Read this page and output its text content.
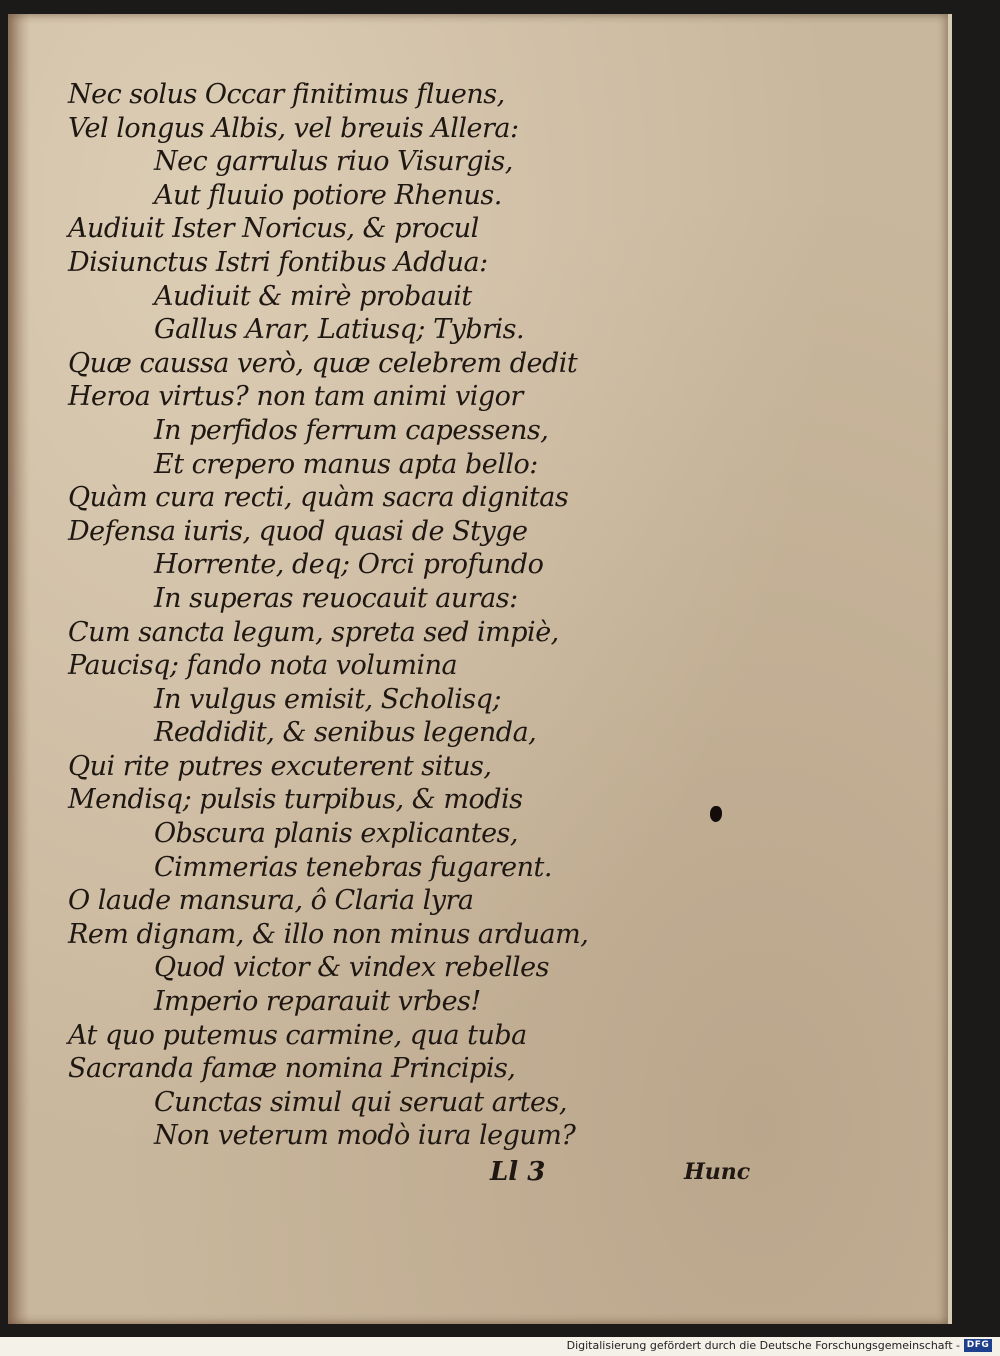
Nec solus Occar finitimus fluens,
Vel longus Albis, vel breuis Allera:
Nec garrulus riuo Visurgis,
Aut fluuio potiore Rhenus.
Audiuit Ister Noricus, & procul
Disiunctus Istri fontibus Addua:
Audiuit & mirè probauit
Gallus Arar, Latiusq; Tybris.
Quæ caussa verò, quæ celebrem dedit
Heroa virtus? non tam animi vigor
In perfidos ferrum capessens,
Et crepero manus apta bello:
Quàm cura recti, quàm sacra dignitas
Defensa iuris, quod quasi de Styge
Horrente, deq; Orci profundo
In superas reuocauit auras:
Cum sancta legum, spreta sed impiè,
Paucisq; fando nota volumina
In vulgus emisit, Scholisq;
Reddidit, & senibus legenda,
Qui rite putres excuterent situs,
Mendisq; pulsis turpibus, & modis
Obscura planis explicantes,
Cimmerias tenebras fugarent.
O laude mansura, ô Claria lyra
Rem dignam, & illo non minus arduam,
Quod victor & vindex rebelles
Imperio reparauit vrbes!
At quo putemus carmine, qua tuba
Sacranda famæ nomina Principis,
Cunctas simul qui seruat artes,
Non veterum modò iura legum?
Ll 3	Hunc
Digitalisierung gefördert durch die Deutsche Forschungsgemeinschaft - DFG
